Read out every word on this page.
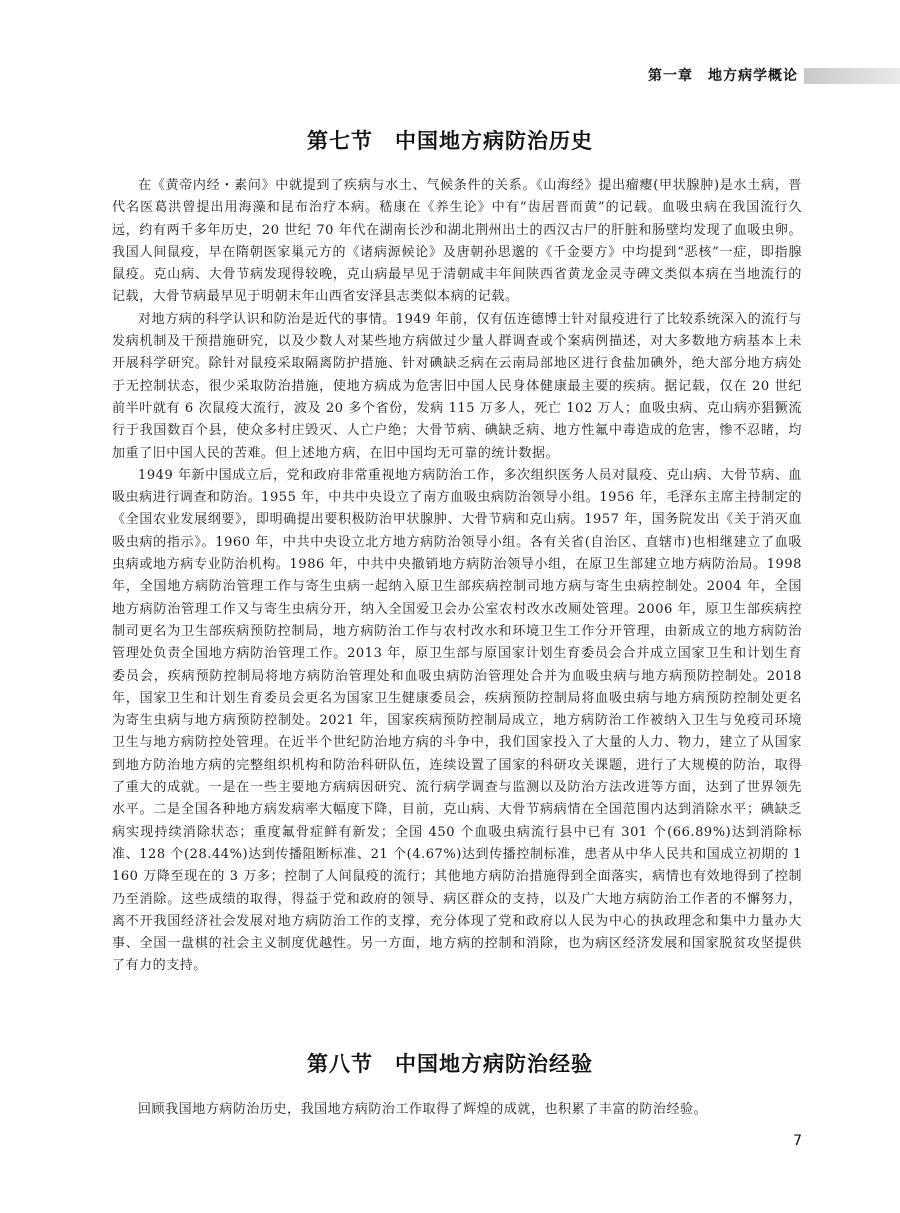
第一章　地方病学概论
第七节　中国地方病防治历史

在《黄帝内经・素问》中就提到了疾病与水土、气候条件的关系。《山海经》提出瘤瘿(甲状腺肿)是水土病，晋代名医葛洪曾提出用海藻和昆布治疗本病。嵇康在《养生论》中有“齿居晋而黄”的记载。血吸虫病在我国流行久远，约有两千多年历史，20 世纪 70 年代在湖南长沙和湖北荆州出土的西汉古尸的肝脏和肠壁均发现了血吸虫卵。我国人间鼠疫，早在隋朝医家巢元方的《诸病源候论》及唐朝孙思邈的《千金要方》中均提到“恶核”一症，即指腺鼠疫。克山病、大骨节病发现得较晚，克山病最早见于清朝咸丰年间陕西省黄龙金灵寺碑文类似本病在当地流行的记载，大骨节病最早见于明朝末年山西省安泽县志类似本病的记载。

对地方病的科学认识和防治是近代的事情。1949 年前，仅有伍连德博士针对鼠疫进行了比较系统深入的流行与发病机制及干预措施研究，以及少数人对某些地方病做过少量人群调查或个案病例描述，对大多数地方病基本上未开展科学研究。除针对鼠疫采取隔离防护措施、针对碘缺乏病在云南局部地区进行食盐加碘外，绝大部分地方病处于无控制状态，很少采取防治措施，使地方病成为危害旧中国人民身体健康最主要的疾病。据记载，仅在 20 世纪前半叶就有 6 次鼠疫大流行，波及 20 多个省份，发病 115 万多人，死亡 102 万人；血吸虫病、克山病亦猖獗流行于我国数百个县，使众多村庄毁灭、人亡户绝；大骨节病、碘缺乏病、地方性氟中毒造成的危害，惨不忍睹，均加重了旧中国人民的苦难。但上述地方病，在旧中国均无可靠的统计数据。

1949 年新中国成立后，党和政府非常重视地方病防治工作，多次组织医务人员对鼠疫、克山病、大骨节病、血吸虫病进行调查和防治。1955 年，中共中央设立了南方血吸虫病防治领导小组。1956 年，毛泽东主席主持制定的《全国农业发展纲要》，即明确提出要积极防治甲状腺肿、大骨节病和克山病。1957 年，国务院发出《关于消灭血吸虫病的指示》。1960 年，中共中央设立北方地方病防治领导小组。各有关省(自治区、直辖市)也相继建立了血吸虫病或地方病专业防治机构。1986 年，中共中央撤销地方病防治领导小组，在原卫生部建立地方病防治局。1998 年，全国地方病防治管理工作与寄生虫病一起纳入原卫生部疾病控制司地方病与寄生虫病控制处。2004 年，全国地方病防治管理工作又与寄生虫病分开，纳入全国爱卫会办公室农村改水改厕处管理。2006 年，原卫生部疾病控制司更名为卫生部疾病预防控制局，地方病防治工作与农村改水和环境卫生工作分开管理，由新成立的地方病防治管理处负责全国地方病防治管理工作。2013 年，原卫生部与原国家计划生育委员会合并成立国家卫生和计划生育委员会，疾病预防控制局将地方病防治管理处和血吸虫病防治管理处合并为血吸虫病与地方病预防控制处。2018 年，国家卫生和计划生育委员会更名为国家卫生健康委员会，疾病预防控制局将血吸虫病与地方病预防控制处更名为寄生虫病与地方病预防控制处。2021 年，国家疾病预防控制局成立，地方病防治工作被纳入卫生与免疫司环境卫生与地方病防控处管理。在近半个世纪防治地方病的斗争中，我们国家投入了大量的人力、物力，建立了从国家到地方防治地方病的完整组织机构和防治科研队伍，连续设置了国家的科研攻关课题，进行了大规模的防治，取得了重大的成就。一是在一些主要地方病病因研究、流行病学调查与监测以及防治方法改进等方面，达到了世界领先水平。二是全国各种地方病发病率大幅度下降，目前，克山病、大骨节病病情在全国范围内达到消除水平；碘缺乏病实现持续消除状态；重度氟骨症鲜有新发；全国 450 个血吸虫病流行县中已有 301 个(66.89%)达到消除标准、128 个(28.44%)达到传播阻断标准、21 个(4.67%)达到传播控制标准，患者从中华人民共和国成立初期的 1 160 万降至现在的 3 万多；控制了人间鼠疫的流行；其他地方病防治措施得到全面落实，病情也有效地得到了控制乃至消除。这些成绩的取得，得益于党和政府的领导、病区群众的支持，以及广大地方病防治工作者的不懈努力，离不开我国经济社会发展对地方病防治工作的支撑，充分体现了党和政府以人民为中心的执政理念和集中力量办大事、全国一盘棋的社会主义制度优越性。另一方面，地方病的控制和消除，也为病区经济发展和国家脱贫攻坚提供了有力的支持。

第八节　中国地方病防治经验

回顾我国地方病防治历史，我国地方病防治工作取得了辉煌的成就，也积累了丰富的防治经验。

7
